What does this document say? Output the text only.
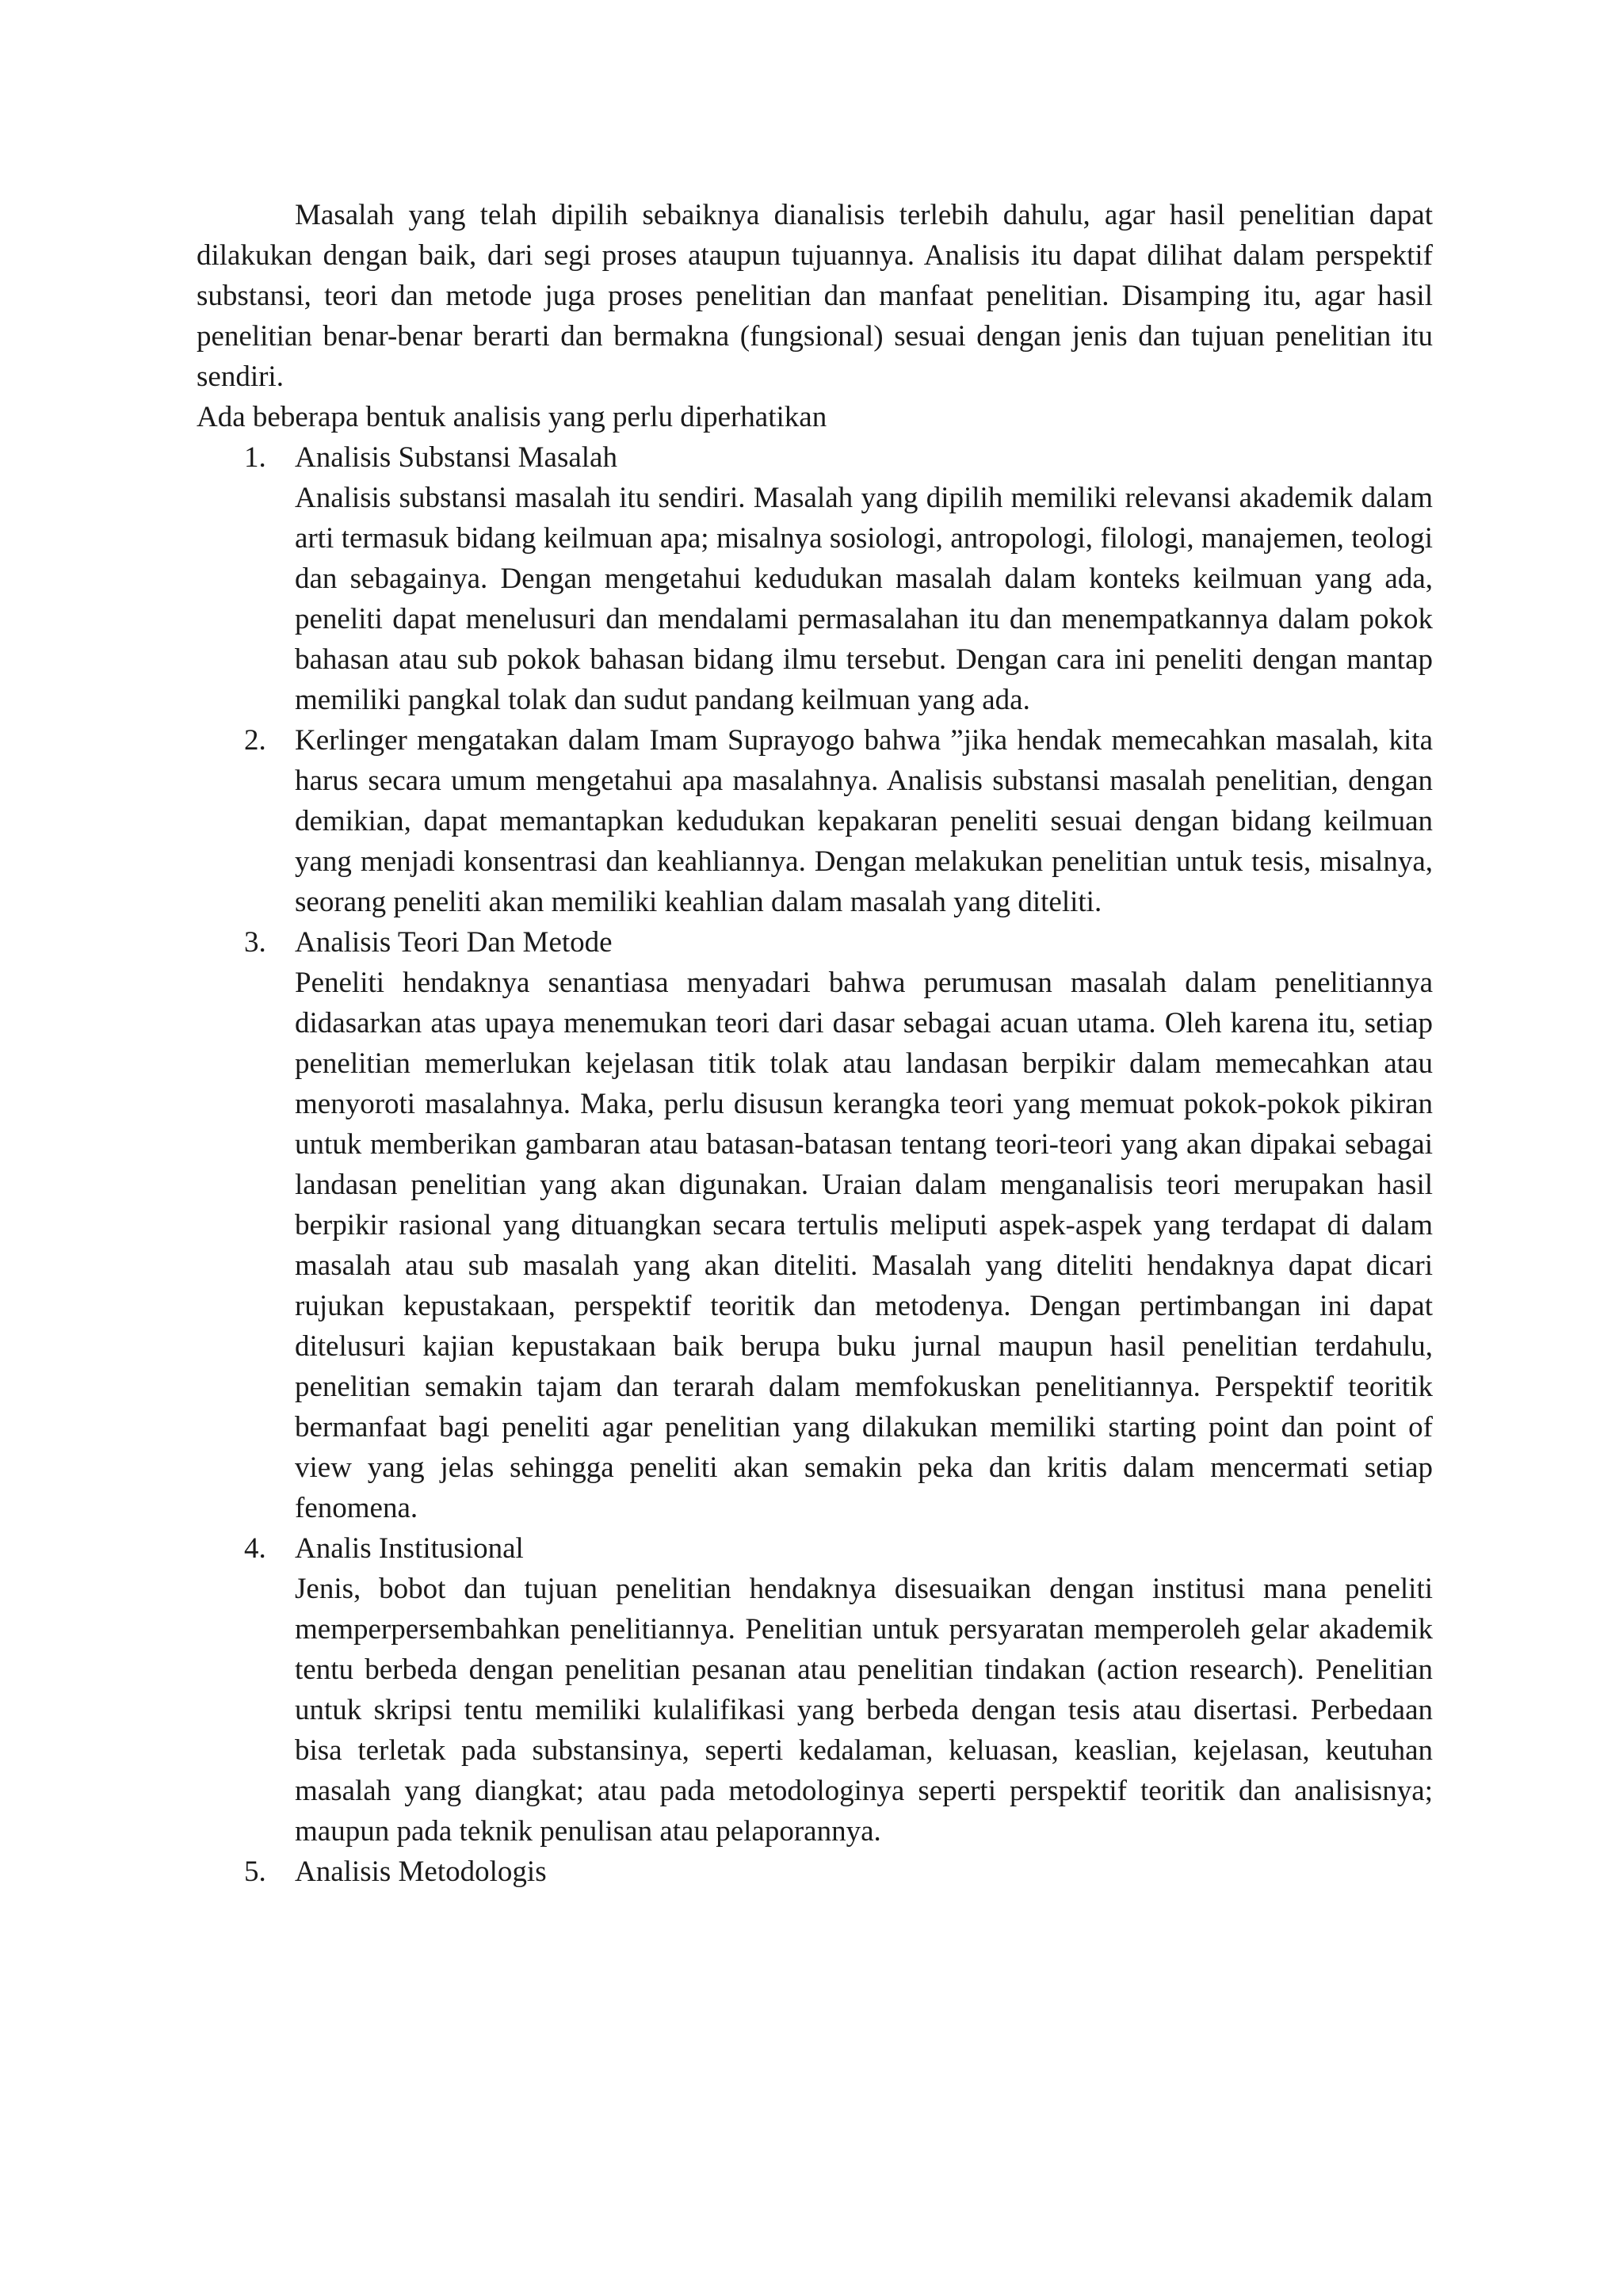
Masalah yang telah dipilih sebaiknya dianalisis terlebih dahulu, agar hasil penelitian dapat dilakukan dengan baik, dari segi proses ataupun tujuannya. Analisis itu dapat dilihat dalam perspektif substansi, teori dan metode juga proses penelitian dan manfaat penelitian. Disamping itu, agar hasil penelitian benar-benar berarti dan bermakna (fungsional) sesuai dengan jenis dan tujuan penelitian itu sendiri.

Ada beberapa bentuk analisis yang perlu diperhatikan

1. Analisis Substansi Masalah

Analisis substansi masalah itu sendiri. Masalah yang dipilih memiliki relevansi akademik dalam arti termasuk bidang keilmuan apa; misalnya sosiologi, antropologi, filologi, manajemen, teologi dan sebagainya. Dengan mengetahui kedudukan masalah dalam konteks keilmuan yang ada, peneliti dapat menelusuri dan mendalami permasalahan itu dan menempatkannya dalam pokok bahasan atau sub pokok bahasan bidang ilmu tersebut. Dengan cara ini peneliti dengan mantap memiliki pangkal tolak dan sudut pandang keilmuan yang ada.

2. Kerlinger mengatakan dalam Imam Suprayogo bahwa ”jika hendak memecahkan masalah, kita harus secara umum mengetahui apa masalahnya. Analisis substansi masalah penelitian, dengan demikian, dapat memantapkan kedudukan kepakaran peneliti sesuai dengan bidang keilmuan yang menjadi konsentrasi dan keahliannya. Dengan melakukan penelitian untuk tesis, misalnya, seorang peneliti akan memiliki keahlian dalam masalah yang diteliti.

3. Analisis Teori Dan Metode

Peneliti hendaknya senantiasa menyadari bahwa perumusan masalah dalam penelitiannya didasarkan atas upaya menemukan teori dari dasar sebagai acuan utama. Oleh karena itu, setiap penelitian memerlukan kejelasan titik tolak atau landasan berpikir dalam memecahkan atau menyoroti masalahnya. Maka, perlu disusun kerangka teori yang memuat pokok-pokok pikiran untuk memberikan gambaran atau batasan-batasan tentang teori-teori yang akan dipakai sebagai landasan penelitian yang akan digunakan. Uraian dalam menganalisis teori merupakan hasil berpikir rasional yang dituangkan secara tertulis meliputi aspek-aspek yang terdapat di dalam masalah atau sub masalah yang akan diteliti. Masalah yang diteliti hendaknya dapat dicari rujukan kepustakaan, perspektif teoritik dan metodenya. Dengan pertimbangan ini dapat ditelusuri kajian kepustakaan baik berupa buku jurnal maupun hasil penelitian terdahulu, penelitian semakin tajam dan terarah dalam memfokuskan penelitiannya. Perspektif teoritik bermanfaat bagi peneliti agar penelitian yang dilakukan memiliki starting point dan point of view yang jelas sehingga peneliti akan semakin peka dan kritis dalam mencermati setiap fenomena.

4. Analis Institusional

Jenis, bobot dan tujuan penelitian hendaknya disesuaikan dengan institusi mana peneliti memperpersembahkan penelitiannya. Penelitian untuk persyaratan memperoleh gelar akademik tentu berbeda dengan penelitian pesanan atau penelitian tindakan (action research). Penelitian untuk skripsi tentu memiliki kulalifikasi yang berbeda dengan tesis atau disertasi. Perbedaan bisa terletak pada substansinya, seperti kedalaman, keluasan, keaslian, kejelasan, keutuhan masalah yang diangkat; atau pada metodologinya seperti perspektif teoritik dan analisisnya; maupun pada teknik penulisan atau pelaporannya.

5. Analisis Metodologis
